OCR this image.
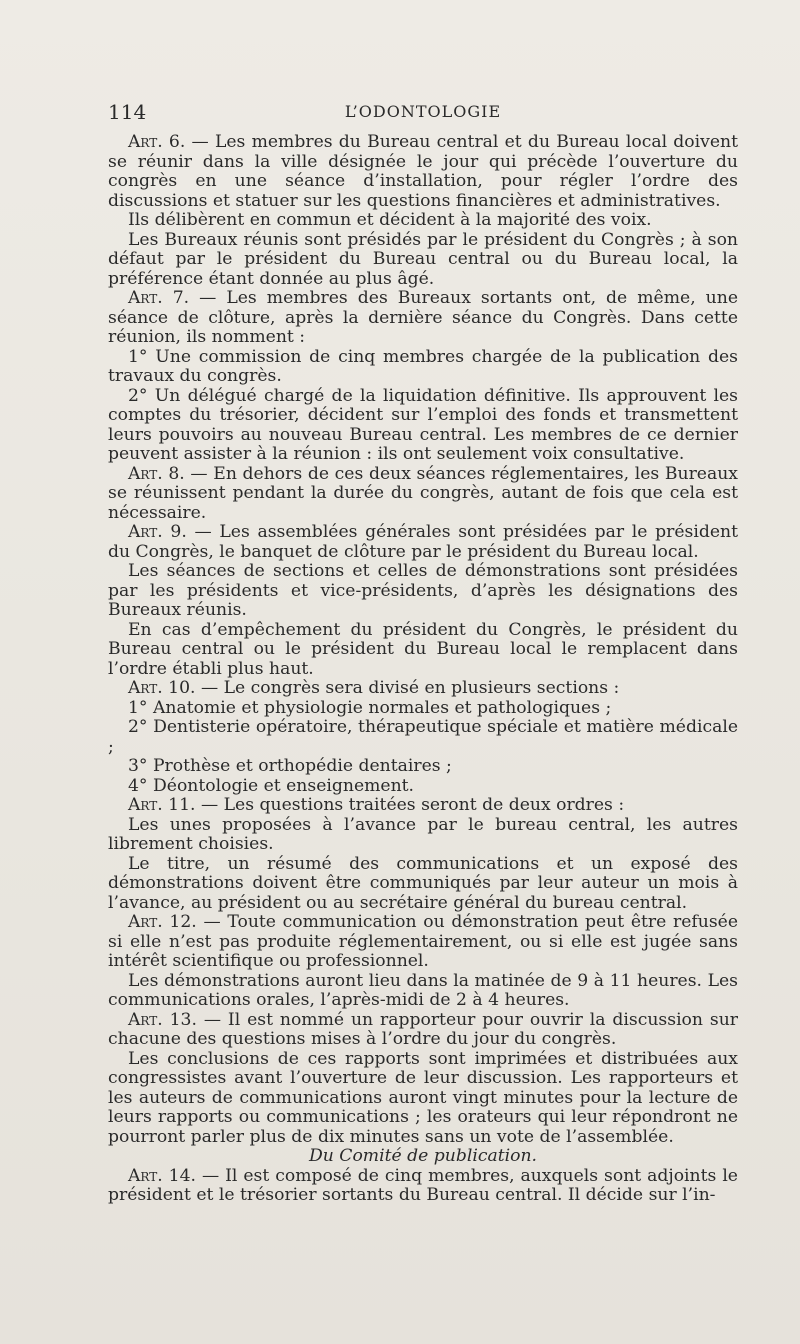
114	L’ODONTOLOGIE

Art. 6. — Les membres du Bureau central et du Bureau local doivent se réunir dans la ville désignée le jour qui précède l’ouverture du congrès en une séance d’installation, pour régler l’ordre des discussions et statuer sur les questions financières et administratives.

Ils délibèrent en commun et décident à la majorité des voix.

Les Bureaux réunis sont présidés par le président du Congrès ; à son défaut par le président du Bureau central ou du Bureau local, la préférence étant donnée au plus âgé.

Art. 7. — Les membres des Bureaux sortants ont, de même, une séance de clôture, après la dernière séance du Congrès. Dans cette réunion, ils nomment :

1° Une commission de cinq membres chargée de la publication des travaux du congrès.

2° Un délégué chargé de la liquidation définitive. Ils approuvent les comptes du trésorier, décident sur l’emploi des fonds et transmettent leurs pouvoirs au nouveau Bureau central. Les membres de ce dernier peuvent assister à la réunion : ils ont seulement voix consultative.

Art. 8. — En dehors de ces deux séances réglementaires, les Bureaux se réunissent pendant la durée du congrès, autant de fois que cela est nécessaire.

Art. 9. — Les assemblées générales sont présidées par le président du Congrès, le banquet de clôture par le président du Bureau local.

Les séances de sections et celles de démonstrations sont présidées par les présidents et vice-présidents, d’après les désignations des Bureaux réunis.

En cas d’empêchement du président du Congrès, le président du Bureau central ou le président du Bureau local le remplacent dans l’ordre établi plus haut.

Art. 10. — Le congrès sera divisé en plusieurs sections :

1° Anatomie et physiologie normales et pathologiques ;

2° Dentisterie opératoire, thérapeutique spéciale et matière médicale ;

3° Prothèse et orthopédie dentaires ;

4° Déontologie et enseignement.

Art. 11. — Les questions traitées seront de deux ordres :

Les unes proposées à l’avance par le bureau central, les autres librement choisies.

Le titre, un résumé des communications et un exposé des démonstrations doivent être communiqués par leur auteur un mois à l’avance, au président ou au secrétaire général du bureau central.

Art. 12. — Toute communication ou démonstration peut être refusée si elle n’est pas produite réglementairement, ou si elle est jugée sans intérêt scientifique ou professionnel.

Les démonstrations auront lieu dans la matinée de 9 à 11 heures. Les communications orales, l’après-midi de 2 à 4 heures.

Art. 13. — Il est nommé un rapporteur pour ouvrir la discussion sur chacune des questions mises à l’ordre du jour du congrès.

Les conclusions de ces rapports sont imprimées et distribuées aux congressistes avant l’ouverture de leur discussion. Les rapporteurs et les auteurs de communications auront vingt minutes pour la lecture de leurs rapports ou communications ; les orateurs qui leur répondront ne pourront parler plus de dix minutes sans un vote de l’assemblée.

Du Comité de publication.

Art. 14. — Il est composé de cinq membres, auxquels sont adjoints le président et le trésorier sortants du Bureau central. Il décide sur l’in-
